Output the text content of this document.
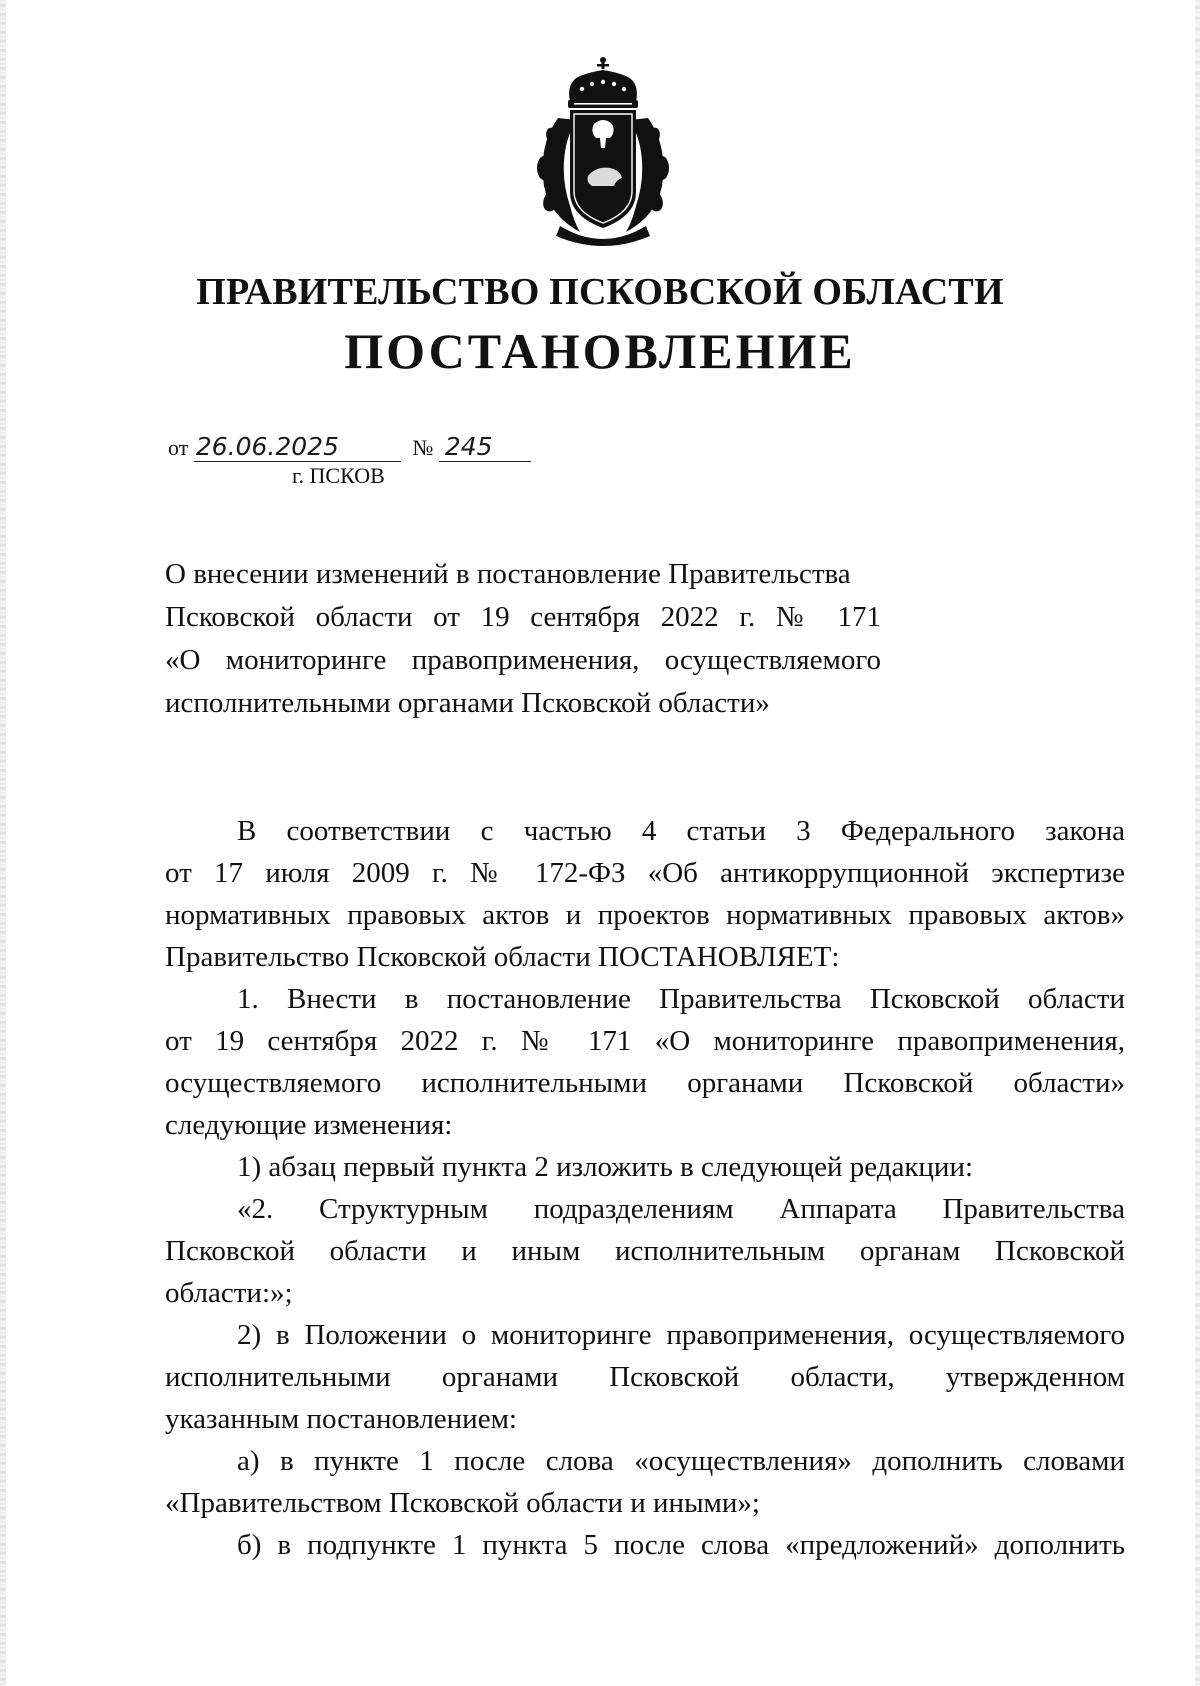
ПРАВИТЕЛЬСТВО ПСКОВСКОЙ ОБЛАСТИ
ПОСТАНОВЛЕНИЕ
от 26.06.2025	№ 245
г. ПСКОВ
О внесении изменений в постановление Правительства
Псковской области от 19 сентября 2022 г. № 171
«О мониторинге правоприменения, осуществляемого
исполнительными органами Псковской области»
В соответствии с частью 4 статьи 3 Федерального закона
от 17 июля 2009 г. № 172-ФЗ «Об антикоррупционной экспертизе
нормативных правовых актов и проектов нормативных правовых актов»
Правительство Псковской области ПОСТАНОВЛЯЕТ:
1. Внести в постановление Правительства Псковской области
от 19 сентября 2022 г. № 171 «О мониторинге правоприменения,
осуществляемого исполнительными органами Псковской области»
следующие изменения:
1) абзац первый пункта 2 изложить в следующей редакции:
«2. Структурным подразделениям Аппарата Правительства
Псковской области и иным исполнительным органам Псковской
области:»;
2) в Положении о мониторинге правоприменения, осуществляемого
исполнительными органами Псковской области, утвержденном
указанным постановлением:
а) в пункте 1 после слова «осуществления» дополнить словами
«Правительством Псковской области и иными»;
б) в подпункте 1 пункта 5 после слова «предложений» дополнить
